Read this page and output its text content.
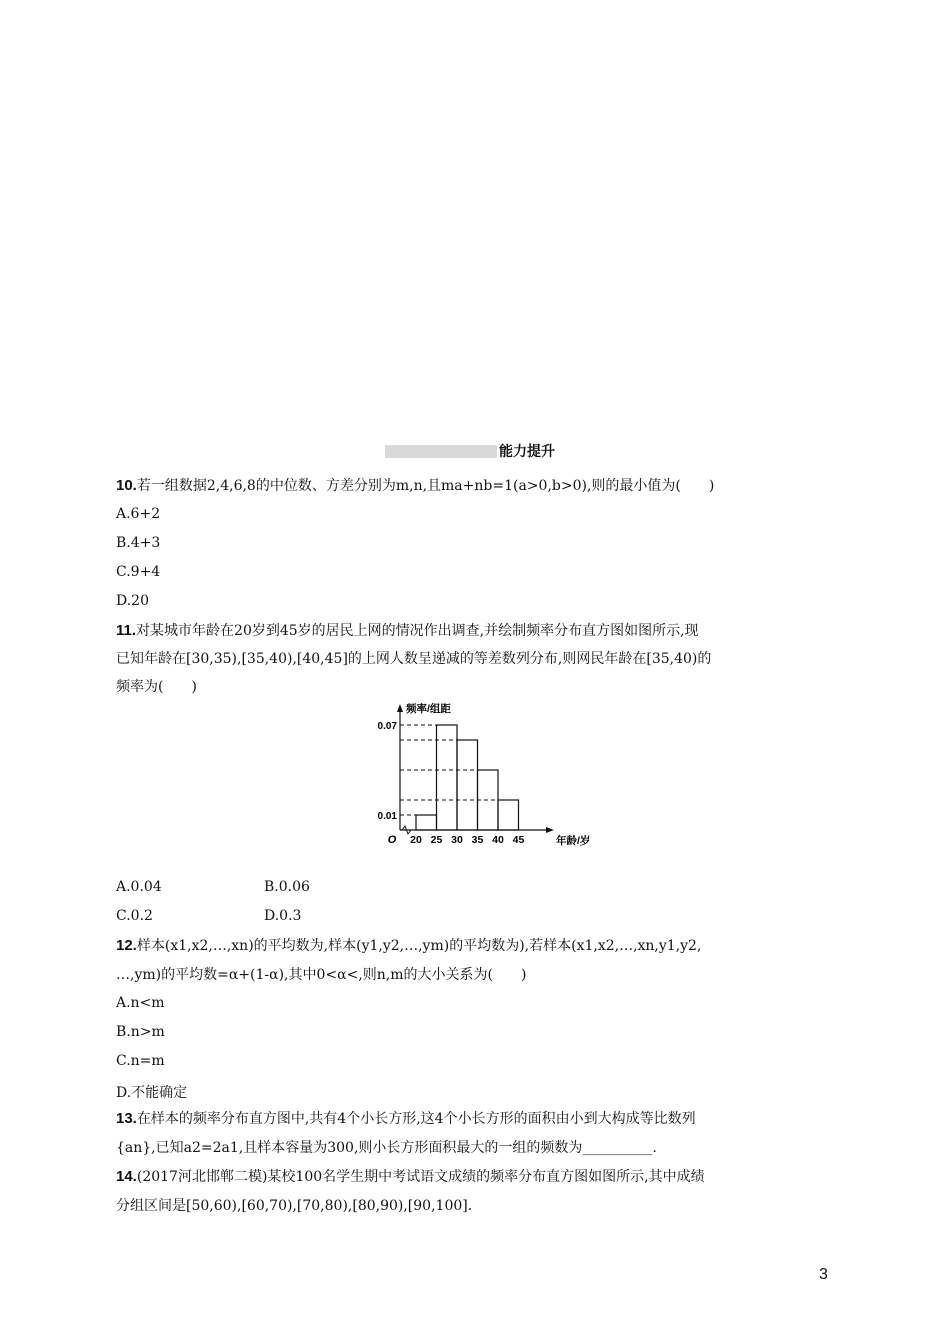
能力提升
10.若一组数据2,4,6,8的中位数、方差分别为m,n,且ma+nb=1(a>0,b>0),则的最小值为(　　)
A.6+2
B.4+3
C.9+4
D.20
11.对某城市年龄在20岁到45岁的居民上网的情况作出调查,并绘制频率分布直方图如图所示,现
已知年龄在[30,35),[35,40),[40,45]的上网人数呈递减的等差数列分布,则网民年龄在[35,40)的
频率为(　　)
20 25 30 35 40 45
O
0.01
0.07
频率/组距
年龄/岁
A.0.04	B.0.06
C.0.2	D.0.3
12.样本(x1,x2,…,xn)的平均数为,样本(y1,y2,…,ym)的平均数为),若样本(x1,x2,…,xn,y1,y2,
…,ym)的平均数=α+(1-α),其中0<α<,则n,m的大小关系为(　　)
A.n<m
B.n>m
C.n=m
D.不能确定
13.在样本的频率分布直方图中,共有4个小长方形,这4个小长方形的面积由小到大构成等比数列
{an},已知a2=2a1,且样本容量为300,则小长方形面积最大的一组的频数为__________.
14.(2017河北邯郸二模)某校100名学生期中考试语文成绩的频率分布直方图如图所示,其中成绩
分组区间是[50,60),[60,70),[70,80),[80,90),[90,100].
3
